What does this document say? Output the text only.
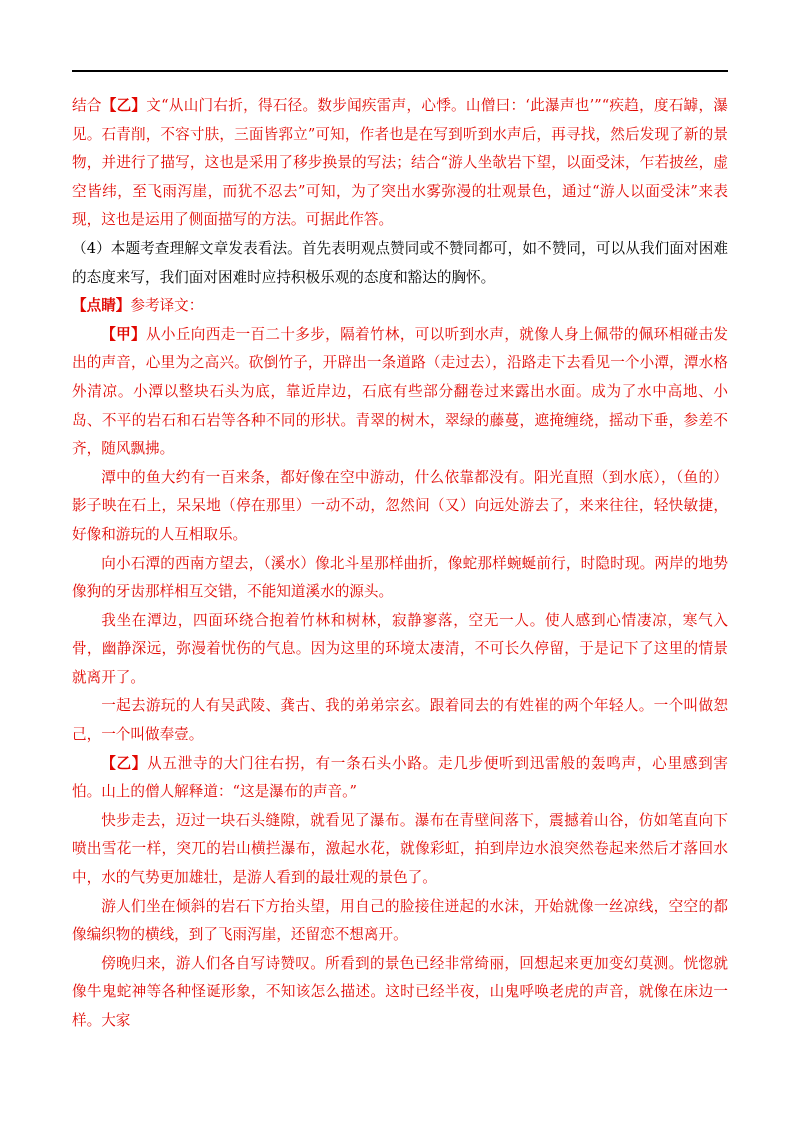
结合【乙】文“从山门右折，得石径。数步闻疾雷声，心悸。山僧曰：‘此瀑声也’”“疾趋，度石罅，瀑见。石青削，不容寸肤，三面皆郛立”可知，作者也是在写到听到水声后，再寻找，然后发现了新的景物，并进行了描写，这也是采用了移步换景的写法；结合“游人坐欹岩下望，以面受沫，乍若披丝，虚空皆纬，至飞雨泻崖，而犹不忍去”可知，为了突出水雾弥漫的壮观景色，通过“游人以面受沫”来表现，这也是运用了侧面描写的方法。可据此作答。

（4）本题考查理解文章发表看法。首先表明观点赞同或不赞同都可，如不赞同，可以从我们面对困难的态度来写，我们面对困难时应持积极乐观的态度和豁达的胸怀。

【点睛】参考译文：

【甲】从小丘向西走一百二十多步，隔着竹林，可以听到水声，就像人身上佩带的佩环相碰击发出的声音，心里为之高兴。砍倒竹子，开辟出一条道路（走过去），沿路走下去看见一个小潭，潭水格外清凉。小潭以整块石头为底，靠近岸边，石底有些部分翻卷过来露出水面。成为了水中高地、小岛、不平的岩石和石岩等各种不同的形状。青翠的树木，翠绿的藤蔓，遮掩缠绕，摇动下垂，参差不齐，随风飘拂。

潭中的鱼大约有一百来条，都好像在空中游动，什么依靠都没有。阳光直照（到水底），（鱼的）影子映在石上，呆呆地（停在那里）一动不动，忽然间（又）向远处游去了，来来往往，轻快敏捷，好像和游玩的人互相取乐。

向小石潭的西南方望去，（溪水）像北斗星那样曲折，像蛇那样蜿蜒前行，时隐时现。两岸的地势像狗的牙齿那样相互交错，不能知道溪水的源头。

我坐在潭边，四面环绕合抱着竹林和树林，寂静寥落，空无一人。使人感到心情凄凉，寒气入骨，幽静深远，弥漫着忧伤的气息。因为这里的环境太凄清，不可长久停留，于是记下了这里的情景就离开了。

一起去游玩的人有吴武陵、龚古、我的弟弟宗玄。跟着同去的有姓崔的两个年轻人。一个叫做恕己，一个叫做奉壹。

【乙】从五泄寺的大门往右拐，有一条石头小路。走几步便听到迅雷般的轰鸣声，心里感到害怕。山上的僧人解释道：“这是瀑布的声音。”

快步走去，迈过一块石头缝隙，就看见了瀑布。瀑布在青壁间落下，震撼着山谷，仿如笔直向下喷出雪花一样，突兀的岩山横拦瀑布，激起水花，就像彩虹，拍到岸边水浪突然卷起来然后才落回水中，水的气势更加雄壮，是游人看到的最壮观的景色了。

游人们坐在倾斜的岩石下方抬头望，用自己的脸接住迸起的水沫，开始就像一丝凉线，空空的都像编织物的横线，到了飞雨泻崖，还留恋不想离开。

傍晚归来，游人们各自写诗赞叹。所看到的景色已经非常绮丽，回想起来更加变幻莫测。恍惚就像牛鬼蛇神等各种怪诞形象，不知该怎么描述。这时已经半夜，山鬼呼唤老虎的声音，就像在床边一样。大家
